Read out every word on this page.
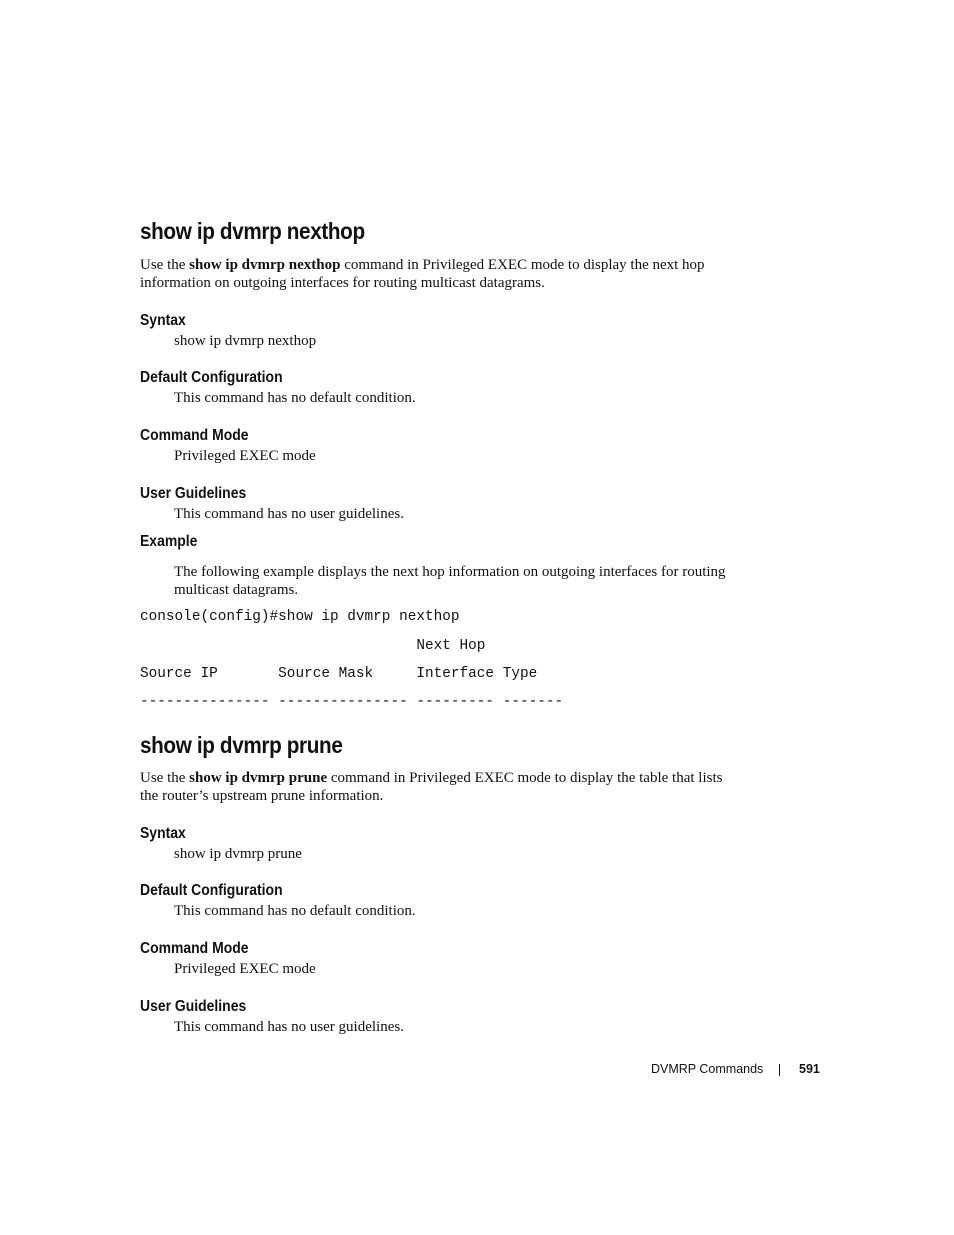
show ip dvmrp nexthop

Use the show ip dvmrp nexthop command in Privileged EXEC mode to display the next hop
information on outgoing interfaces for routing multicast datagrams.

Syntax

show ip dvmrp nexthop

Default Configuration

This command has no default condition.

Command Mode

Privileged EXEC mode

User Guidelines

This command has no user guidelines.

Example

The following example displays the next hop information on outgoing interfaces for routing
multicast datagrams.

console(config)#show ip dvmrp nexthop
Next Hop
Source IP       Source Mask     Interface Type
--------------- --------------- --------- -------
show ip dvmrp prune

Use the show ip dvmrp prune command in Privileged EXEC mode to display the table that lists
the router’s upstream prune information.

Syntax

show ip dvmrp prune

Default Configuration

This command has no default condition.

Command Mode

Privileged EXEC mode

User Guidelines

This command has no user guidelines.

DVMRP Commands	591
